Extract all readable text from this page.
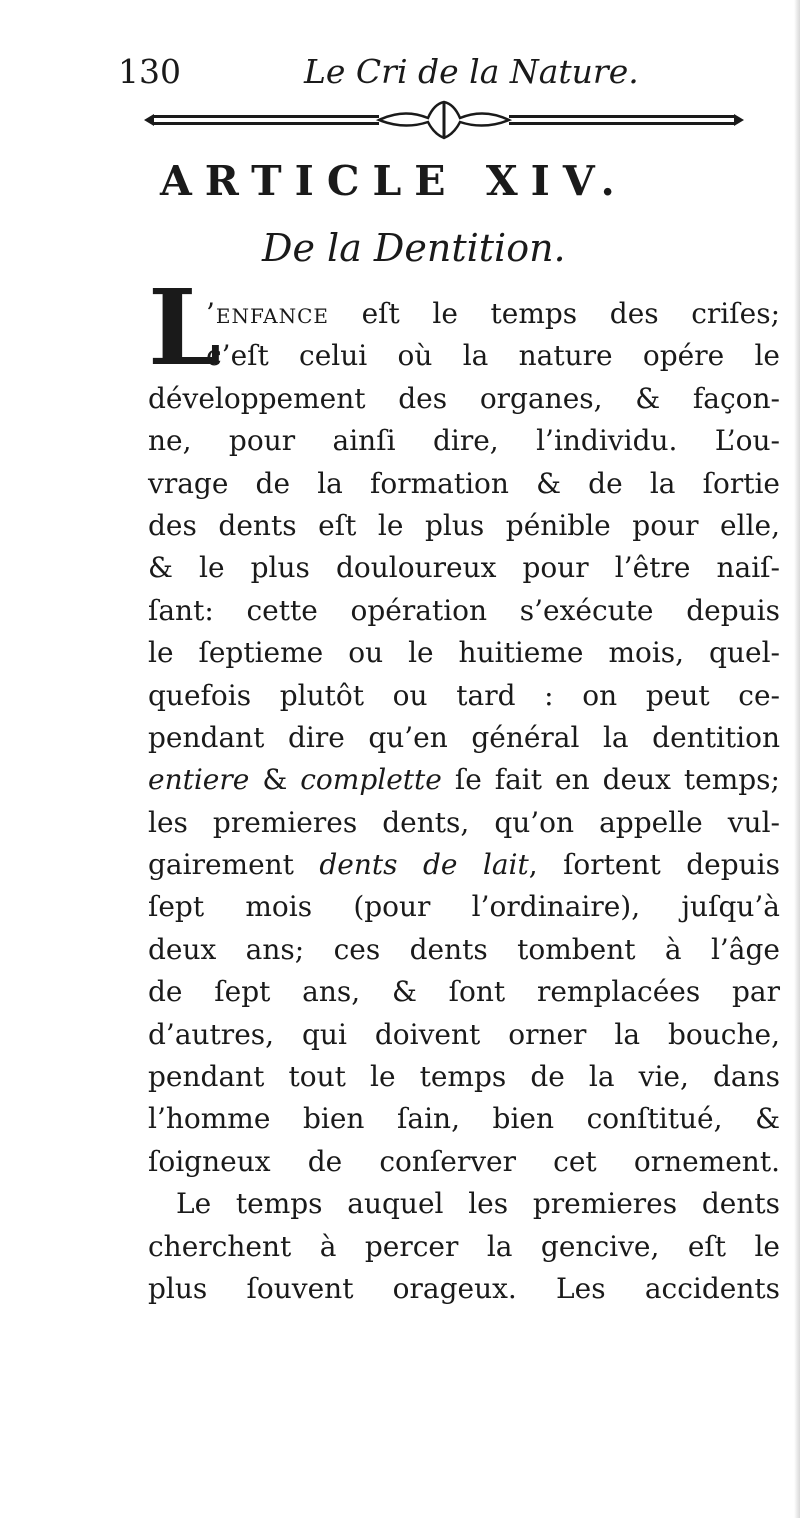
130	Le Cri de la Nature.
ARTICLE XIV.
De la Dentition.
L
’enfance eſt le temps des criſes;
c’eſt celui où la nature opére le
développement des organes, & façon-
ne, pour ainſi dire, l’individu. L’ou-
vrage de la formation & de la ſortie
des dents eſt le plus pénible pour elle,
& le plus douloureux pour l’être naiſ-
ſant: cette opération s’exécute depuis
le ſeptieme ou le huitieme mois, quel-
quefois plutôt ou tard : on peut ce-
pendant dire qu’en général la dentition
entiere & complette ſe fait en deux temps;
les premieres dents, qu’on appelle vul-
gairement dents de lait, ſortent depuis
ſept mois (pour l’ordinaire), juſqu’à
deux ans; ces dents tombent à l’âge
de ſept ans, & ſont remplacées par
d’autres, qui doivent orner la bouche,
pendant tout le temps de la vie, dans
l’homme bien ſain, bien conſtitué, &
ſoigneux de conſerver cet ornement.
Le temps auquel les premieres dents
cherchent à percer la gencive, eſt le
plus ſouvent orageux. Les accidents
